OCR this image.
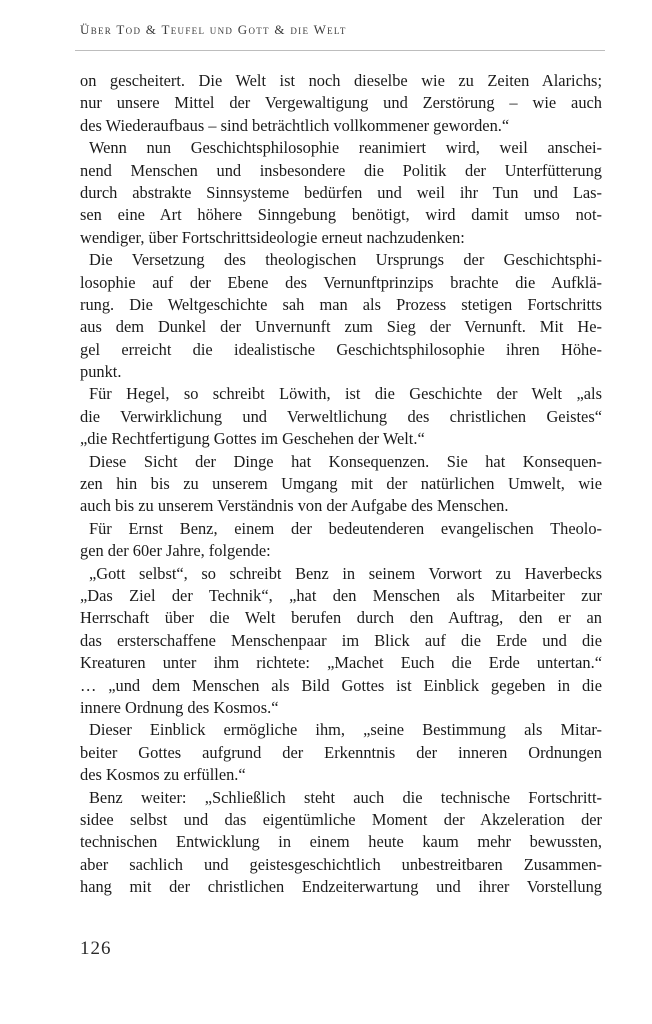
Über Tod & Teufel und Gott & die Welt
on gescheitert. Die Welt ist noch dieselbe wie zu Zeiten Alarichs;
nur unsere Mittel der Vergewaltigung und Zerstörung – wie auch
des Wiederaufbaus – sind beträchtlich vollkommener geworden.“
Wenn nun Geschichtsphilosophie reanimiert wird, weil anschei-
nend Menschen und insbesondere die Politik der Unterfütterung
durch abstrakte Sinnsysteme bedürfen und weil ihr Tun und Las-
sen eine Art höhere Sinngebung benötigt, wird damit umso not-
wendiger, über Fortschrittsideologie erneut nachzudenken:
Die Versetzung des theologischen Ursprungs der Geschichtsphi-
losophie auf der Ebene des Vernunftprinzips brachte die Aufklä-
rung. Die Weltgeschichte sah man als Prozess stetigen Fortschritts
aus dem Dunkel der Unvernunft zum Sieg der Vernunft. Mit He-
gel erreicht die idealistische Geschichtsphilosophie ihren Höhe-
punkt.
Für Hegel, so schreibt Löwith, ist die Geschichte der Welt „als
die Verwirklichung und Verweltlichung des christlichen Geistes“
„die Rechtfertigung Gottes im Geschehen der Welt.“
Diese Sicht der Dinge hat Konsequenzen. Sie hat Konsequen-
zen hin bis zu unserem Umgang mit der natürlichen Umwelt, wie
auch bis zu unserem Verständnis von der Aufgabe des Menschen.
Für Ernst Benz, einem der bedeutenderen evangelischen Theolo-
gen der 60er Jahre, folgende:
„Gott selbst“, so schreibt Benz in seinem Vorwort zu Haverbecks
„Das Ziel der Technik“, „hat den Menschen als Mitarbeiter zur
Herrschaft über die Welt berufen durch den Auftrag, den er an
das ersterschaffene Menschenpaar im Blick auf die Erde und die
Kreaturen unter ihm richtete: „Machet Euch die Erde untertan.“
… „und dem Menschen als Bild Gottes ist Einblick gegeben in die
innere Ordnung des Kosmos.“
Dieser Einblick ermögliche ihm, „seine Bestimmung als Mitar-
beiter Gottes aufgrund der Erkenntnis der inneren Ordnungen
des Kosmos zu erfüllen.“
Benz weiter: „Schließlich steht auch die technische Fortschritt-
sidee selbst und das eigentümliche Moment der Akzeleration der
technischen Entwicklung in einem heute kaum mehr bewussten,
aber sachlich und geistesgeschichtlich unbestreitbaren Zusammen-
hang mit der christlichen Endzeiterwartung und ihrer Vorstellung
126
